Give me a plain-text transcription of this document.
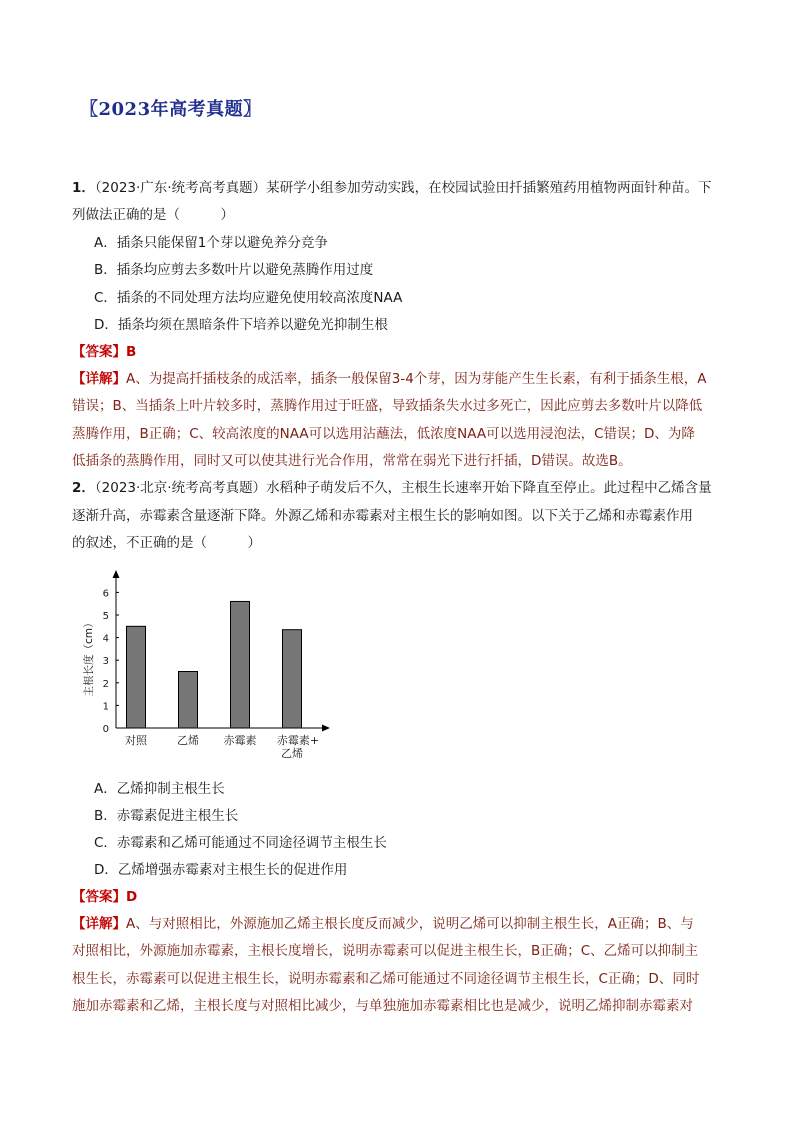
〖2023年高考真题〗
1．（2023·广东·统考高考真题）某研学小组参加劳动实践，在校园试验田扦插繁殖药用植物两面针种苗。下
列做法正确的是（　　　）
A．插条只能保留1个芽以避免养分竞争
B．插条均应剪去多数叶片以避免蒸腾作用过度
C．插条的不同处理方法均应避免使用较高浓度NAA
D．插条均须在黑暗条件下培养以避免光抑制生根
【答案】B
【详解】A、为提高扦插枝条的成活率，插条一般保留3-4个芽，因为芽能产生生长素，有利于插条生根，A
错误；B、当插条上叶片较多时，蒸腾作用过于旺盛，导致插条失水过多死亡，因此应剪去多数叶片以降低
蒸腾作用，B正确；C、较高浓度的NAA可以选用沾蘸法，低浓度NAA可以选用浸泡法，C错误；D、为降
低插条的蒸腾作用，同时又可以使其进行光合作用，常常在弱光下进行扦插，D错误。故选B。
2．（2023·北京·统考高考真题）水稻种子萌发后不久，主根生长速率开始下降直至停止。此过程中乙烯含量
逐渐升高，赤霉素含量逐渐下降。外源乙烯和赤霉素对主根生长的影响如图。以下关于乙烯和赤霉素作用
的叙述，不正确的是（　　　）
0
1
2
3
4
5
6
主根长度（cm）
对照	乙烯 赤霉素 赤霉素+
乙烯
A．乙烯抑制主根生长
B．赤霉素促进主根生长
C．赤霉素和乙烯可能通过不同途径调节主根生长
D．乙烯增强赤霉素对主根生长的促进作用
【答案】D
【详解】A、与对照相比，外源施加乙烯主根长度反而减少，说明乙烯可以抑制主根生长，A正确；B、与
对照相比，外源施加赤霉素，主根长度增长，说明赤霉素可以促进主根生长，B正确；C、乙烯可以抑制主
根生长，赤霉素可以促进主根生长，说明赤霉素和乙烯可能通过不同途径调节主根生长，C正确；D、同时
施加赤霉素和乙烯，主根长度与对照相比减少，与单独施加赤霉素相比也是减少，说明乙烯抑制赤霉素对
